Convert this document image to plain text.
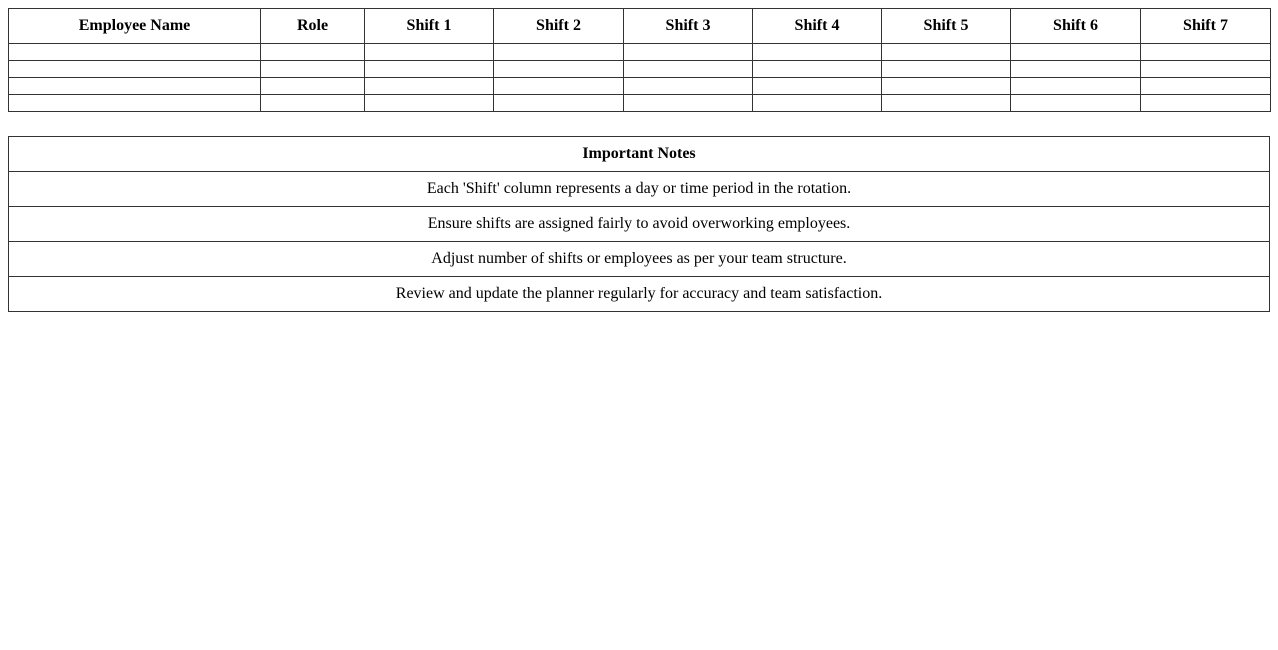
Employee Name	Role	Shift 1	Shift 2	Shift 3	Shift 4	Shift 5	Shift 6	Shift 7

Important Notes
Each 'Shift' column represents a day or time period in the rotation.
Ensure shifts are assigned fairly to avoid overworking employees.
Adjust number of shifts or employees as per your team structure.
Review and update the planner regularly for accuracy and team satisfaction.
